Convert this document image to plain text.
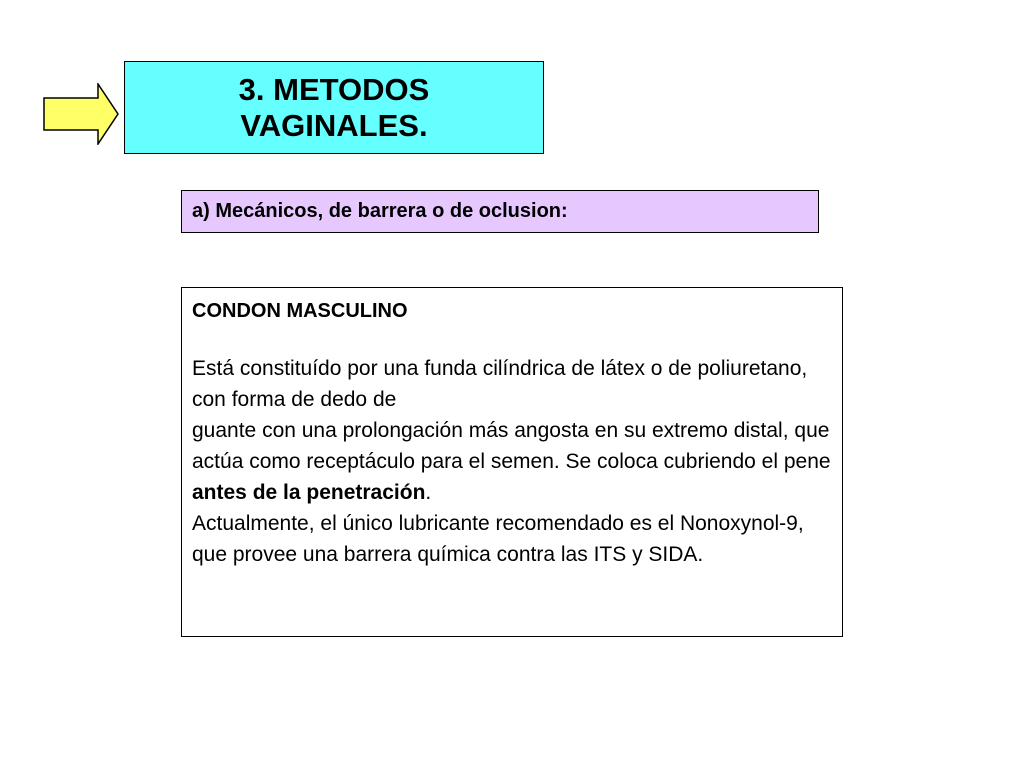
3. METODOS VAGINALES.
a) Mecánicos, de barrera o de oclusion:

CONDON MASCULINO

Está constituído por una funda cilíndrica de látex o de poliuretano, con forma de dedo de

guante con una prolongación más angosta en su extremo distal, que actúa como receptáculo para el semen. Se coloca cubriendo el pene antes de la penetración.

Actualmente, el único lubricante recomendado es el Nonoxynol-9, que provee una barrera química contra las ITS y SIDA.
